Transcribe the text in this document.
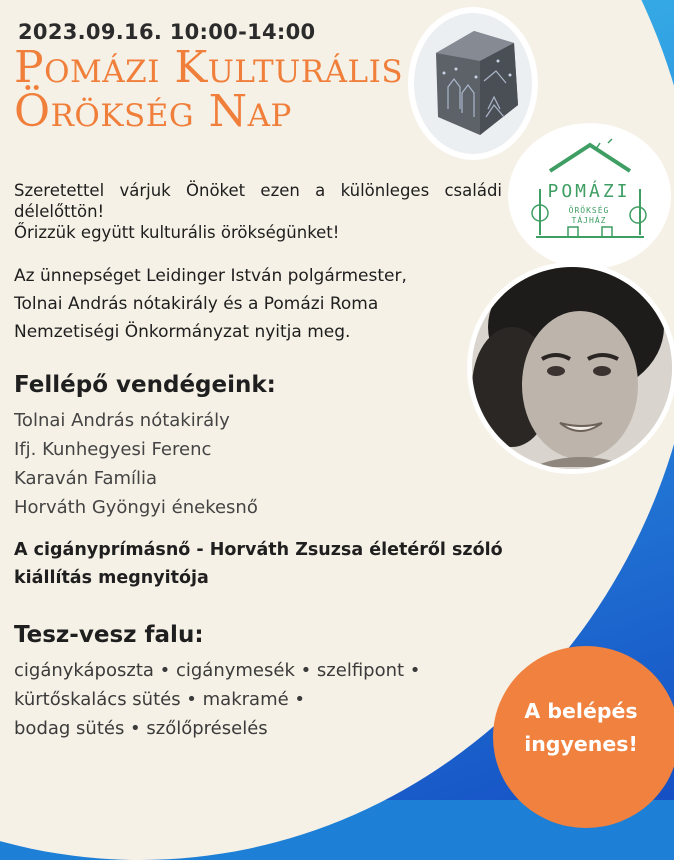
2023.09.16. 10:00-14:00
Pomázi Kulturális
Örökség Nap
POMÁZI
ÖRÖKSÉG
TÁJHÁZ
Szeretettel várjuk Önöket ezen a különleges családi délelőttön!
Őrizzük együtt kulturális örökségünket!
Az ünnepséget Leidinger István polgármester,
Tolnai András nótakirály és a Pomázi Roma
Nemzetiségi Önkormányzat nyitja meg.
Fellépő vendégeink:
Tolnai András nótakirály
Ifj. Kunhegyesi Ferenc
Karaván Família
Horváth Gyöngyi énekesnő
A cigányprímásnő - Horváth Zsuzsa életéről szóló
kiállítás megnyitója
Tesz-vesz falu:
cigánykáposzta • cigánymesék • szelfipont •
kürtőskalács sütés • makramé •
bodag sütés • szőlőpréselés
A belépés
ingyenes!
